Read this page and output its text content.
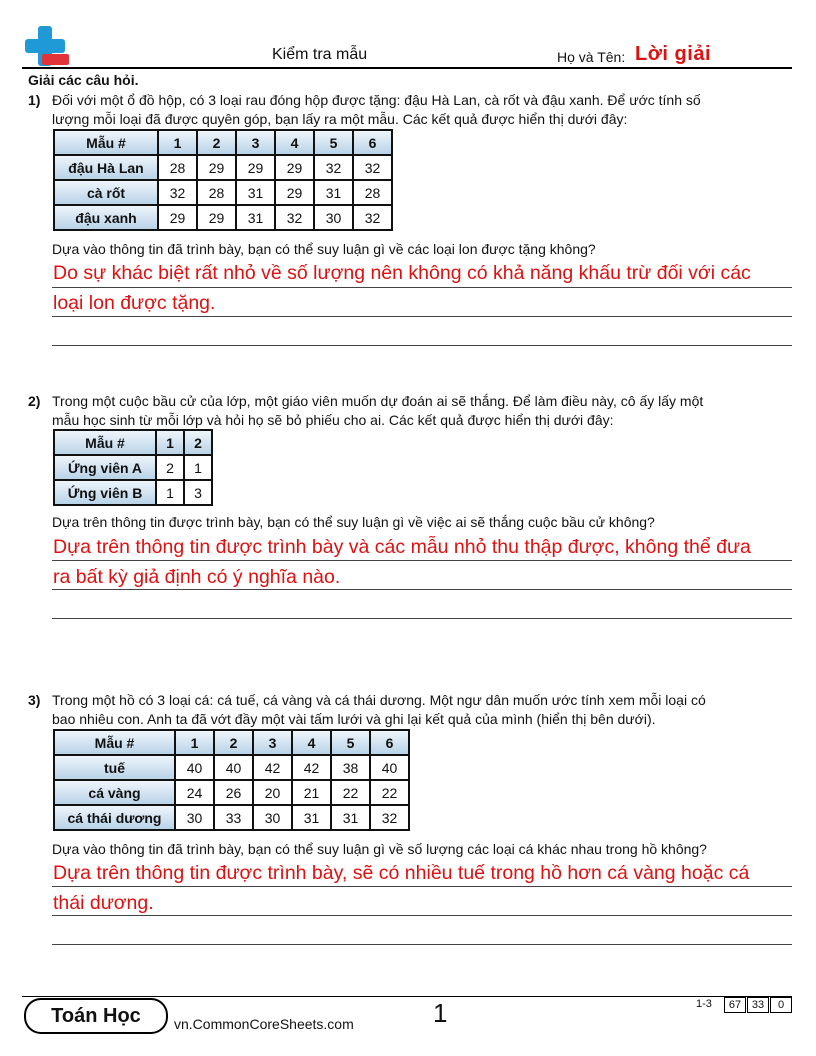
Kiểm tra mẫu	Họ và Tên: Lời giải
Giải các câu hỏi.
1) Đối với một ổ đồ hộp, có 3 loại rau đóng hộp được tặng: đậu Hà Lan, cà rốt và đậu xanh. Để ước tính số
lượng mỗi loại đã được quyên góp, bạn lấy ra một mẫu. Các kết quả được hiển thị dưới đây:
Mẫu #	1	2	3	4	5	6
đậu Hà Lan	28	29	29	29	32	32
cà rốt	32	28	31	29	31	28
đậu xanh	29	29	31	32	30	32
Dựa vào thông tin đã trình bày, bạn có thể suy luận gì về các loại lon được tặng không?
Do sự khác biệt rất nhỏ về số lượng nên không có khả năng khấu trừ đối với các
loại lon được tặng.
2) Trong một cuộc bầu cử của lớp, một giáo viên muốn dự đoán ai sẽ thắng. Để làm điều này, cô ấy lấy một
mẫu học sinh từ mỗi lớp và hỏi họ sẽ bỏ phiếu cho ai. Các kết quả được hiển thị dưới đây:
Mẫu #	1	2
Ứng viên A	2	1
Ứng viên B	1	3
Dựa trên thông tin được trình bày, bạn có thể suy luận gì về việc ai sẽ thắng cuộc bầu cử không?
Dựa trên thông tin được trình bày và các mẫu nhỏ thu thập được, không thể đưa
ra bất kỳ giả định có ý nghĩa nào.
3) Trong một hồ có 3 loại cá: cá tuế, cá vàng và cá thái dương. Một ngư dân muốn ước tính xem mỗi loại có
bao nhiêu con. Anh ta đã vớt đầy một vài tấm lưới và ghi lại kết quả của mình (hiển thị bên dưới).
Mẫu #	1	2	3	4	5	6
tuế	40	40	42	42	38	40
cá vàng	24	26	20	21	22	22
cá thái dương	30	33	30	31	31	32
Dựa vào thông tin đã trình bày, bạn có thể suy luận gì về số lượng các loại cá khác nhau trong hồ không?
Dựa trên thông tin được trình bày, sẽ có nhiều tuế trong hồ hơn cá vàng hoặc cá
thái dương.
Toán Học	vn.CommonCoreSheets.com	1	1-3	67 33	0
